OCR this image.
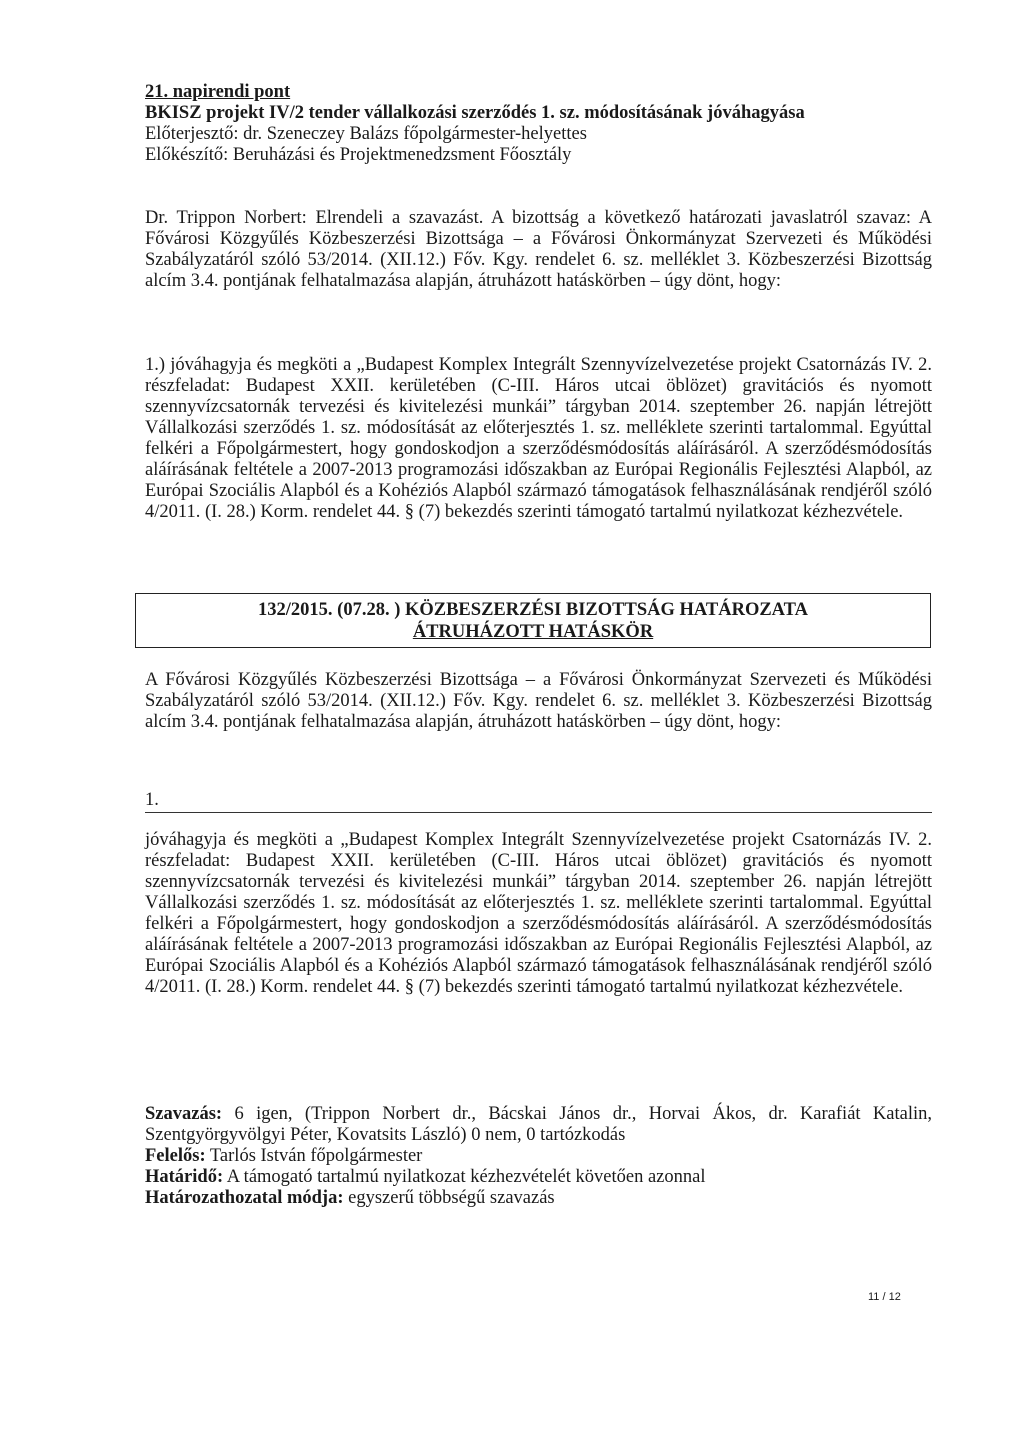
21. napirendi pont

BKISZ projekt IV/2 tender vállalkozási szerződés 1. sz. módosításának jóváhagyása

Előterjesztő: dr. Szeneczey Balázs főpolgármester-helyettes

Előkészítő: Beruházási és Projektmenedzsment Főosztály

Dr. Trippon Norbert: Elrendeli a szavazást. A bizottság a következő határozati javaslatról szavaz: A Fővárosi Közgyűlés Közbeszerzési Bizottsága – a Fővárosi Önkormányzat Szervezeti és Működési Szabályzatáról szóló 53/2014. (XII.12.) Főv. Kgy. rendelet 6. sz. melléklet 3. Közbeszerzési Bizottság alcím 3.4. pontjának felhatalmazása alapján, átruházott hatáskörben – úgy dönt, hogy:

1.) jóváhagyja és megköti a „Budapest Komplex Integrált Szennyvízelvezetése projekt Csatornázás IV. 2. részfeladat: Budapest XXII. kerületében (C-III. Háros utcai öblözet) gravitációs és nyomott szennyvízcsatornák tervezési és kivitelezési munkái” tárgyban 2014. szeptember 26. napján létrejött Vállalkozási szerződés 1. sz. módosítását az előterjesztés 1. sz. melléklete szerinti tartalommal. Egyúttal felkéri a Főpolgármestert, hogy gondoskodjon a szerződésmódosítás aláírásáról. A szerződésmódosítás aláírásának feltétele a 2007-2013 programozási időszakban az Európai Regionális Fejlesztési Alapból, az Európai Szociális Alapból és a Kohéziós Alapból származó támogatások felhasználásának rendjéről szóló 4/2011. (I. 28.) Korm. rendelet 44. § (7) bekezdés szerinti támogató tartalmú nyilatkozat kézhezvétele.

132/2015. (07.28. ) KÖZBESZERZÉSI BIZOTTSÁG HATÁROZATA

ÁTRUHÁZOTT HATÁSKÖR

A Fővárosi Közgyűlés Közbeszerzési Bizottsága – a Fővárosi Önkormányzat Szervezeti és Működési Szabályzatáról szóló 53/2014. (XII.12.) Főv. Kgy. rendelet 6. sz. melléklet 3. Közbeszerzési Bizottság alcím 3.4. pontjának felhatalmazása alapján, átruházott hatáskörben – úgy dönt, hogy:

1.

jóváhagyja és megköti a „Budapest Komplex Integrált Szennyvízelvezetése projekt Csatornázás IV. 2. részfeladat: Budapest XXII. kerületében (C-III. Háros utcai öblözet) gravitációs és nyomott szennyvízcsatornák tervezési és kivitelezési munkái” tárgyban 2014. szeptember 26. napján létrejött Vállalkozási szerződés 1. sz. módosítását az előterjesztés 1. sz. melléklete szerinti tartalommal. Egyúttal felkéri a Főpolgármestert, hogy gondoskodjon a szerződésmódosítás aláírásáról. A szerződésmódosítás aláírásának feltétele a 2007-2013 programozási időszakban az Európai Regionális Fejlesztési Alapból, az Európai Szociális Alapból és a Kohéziós Alapból származó támogatások felhasználásának rendjéről szóló 4/2011. (I. 28.) Korm. rendelet 44. § (7) bekezdés szerinti támogató tartalmú nyilatkozat kézhezvétele.

Szavazás: 6 igen, (Trippon Norbert dr., Bácskai János dr., Horvai Ákos, dr. Karafiát Katalin, Szentgyörgyvölgyi Péter, Kovatsits László) 0 nem, 0 tartózkodás

Felelős: Tarlós István főpolgármester

Határidő: A támogató tartalmú nyilatkozat kézhezvételét követően azonnal

Határozathozatal módja: egyszerű többségű szavazás

11 / 12
